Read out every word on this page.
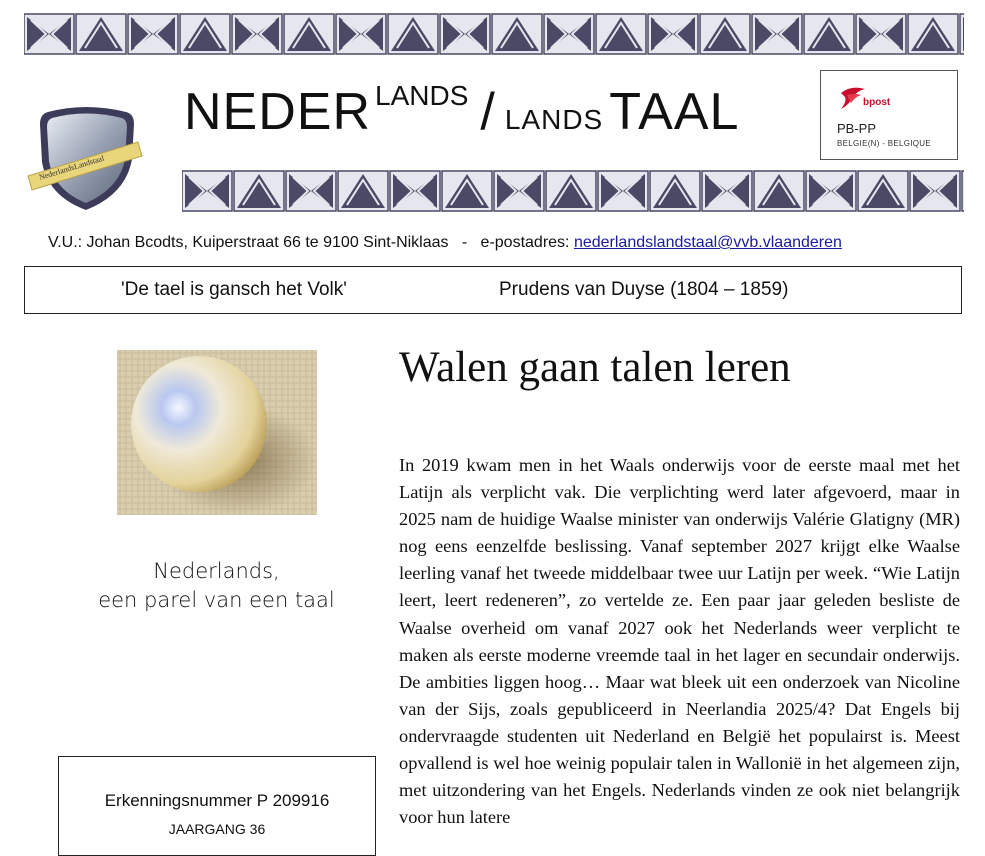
NederlandsLandstaal
NEDER LANDS / LANDS TAAL	bpost
PB-PP
BELGIE(N) - BELGIQUE
V.U.: Johan Bcodts, Kuiperstraat 66 te 9100 Sint-Niklaas - e-postadres: nederlandslandstaal@vvb.vlaanderen
'De tael is gansch het Volk'	Prudens van Duyse (1804 – 1859)
Nederlands,
een parel van een taal
Erkenningsnummer P 209916
JAARGANG 36
Walen gaan talen leren
In 2019 kwam men in het Waals onderwijs voor de eerste maal met het Latijn als verplicht vak. Die verplichting werd later afgevoerd, maar in 2025 nam de huidige Waalse minister van onderwijs Valérie Glatigny (MR) nog eens eenzelfde beslissing. Vanaf september 2027 krijgt elke Waalse leerling vanaf het tweede middelbaar twee uur Latijn per week. “Wie Latijn leert, leert redeneren”, zo vertelde ze. Een paar jaar geleden besliste de Waalse overheid om vanaf 2027 ook het Nederlands weer verplicht te maken als eerste moderne vreemde taal in het lager en secundair onderwijs. De ambities liggen hoog… Maar wat bleek uit een onderzoek van Nicoline van der Sijs, zoals gepubliceerd in Neerlandia 2025/4? Dat Engels bij ondervraagde studenten uit Nederland en België het populairst is. Meest opvallend is wel hoe weinig populair talen in Wallonië in het algemeen zijn, met uitzondering van het Engels. Nederlands vinden ze ook niet belangrijk voor hun latere
